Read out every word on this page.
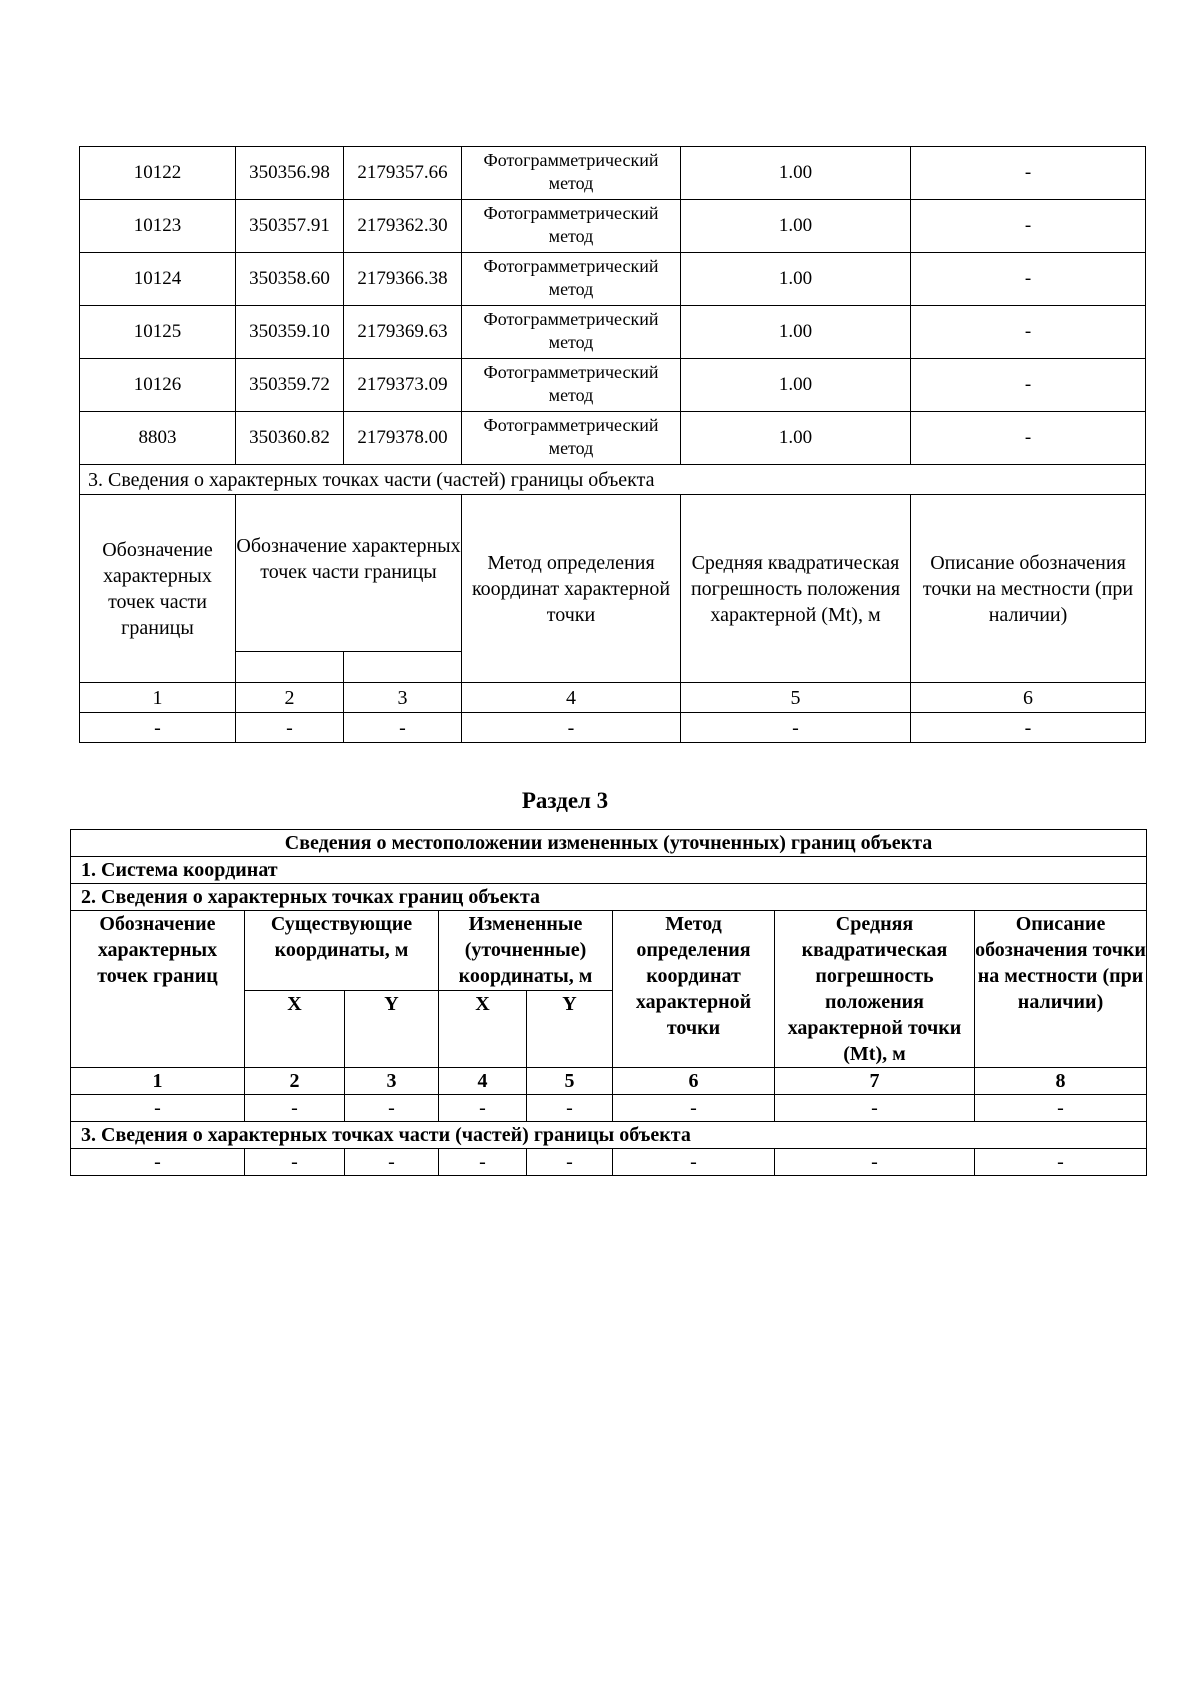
10122	350356.98	2179357.66	Фотограмметрический метод	1.00	-
10123	350357.91	2179362.30	Фотограмметрический метод	1.00	-
10124	350358.60	2179366.38	Фотограмметрический метод	1.00	-
10125	350359.10	2179369.63	Фотограмметрический метод	1.00	-
10126	350359.72	2179373.09	Фотограмметрический метод	1.00	-
8803	350360.82	2179378.00	Фотограмметрический метод	1.00	-
3. Сведения о характерных точках части (частей) границы объекта					
Обозначение характерных точек части границы	Обозначение характерных точек части границы		Метод определения координат характерной точки	Средняя квадратическая погрешность положения характерной (Mt), м	Описание обозначения точки на местности (при наличии)

1	2	3	4	5	6
-	-	-	-	-	-
Раздел 3
Сведения о местоположении измененных (уточненных) границ объекта							
1. Система координат							
2. Сведения о характерных точках границ объекта							
Обозначение характерных точек границ	Существующие координаты, м		Измененные (уточненные) координаты, м		Метод определения координат характерной точки	Средняя квадратическая погрешность положения характерной точки (Mt), м	Описание обозначения точки на местности (при наличии)
	X	Y	X	Y			
1	2	3	4	5	6	7	8
-	-	-	-	-	-	-	-
3. Сведения о характерных точках части (частей) границы объекта							
-	-	-	-	-	-	-	-
